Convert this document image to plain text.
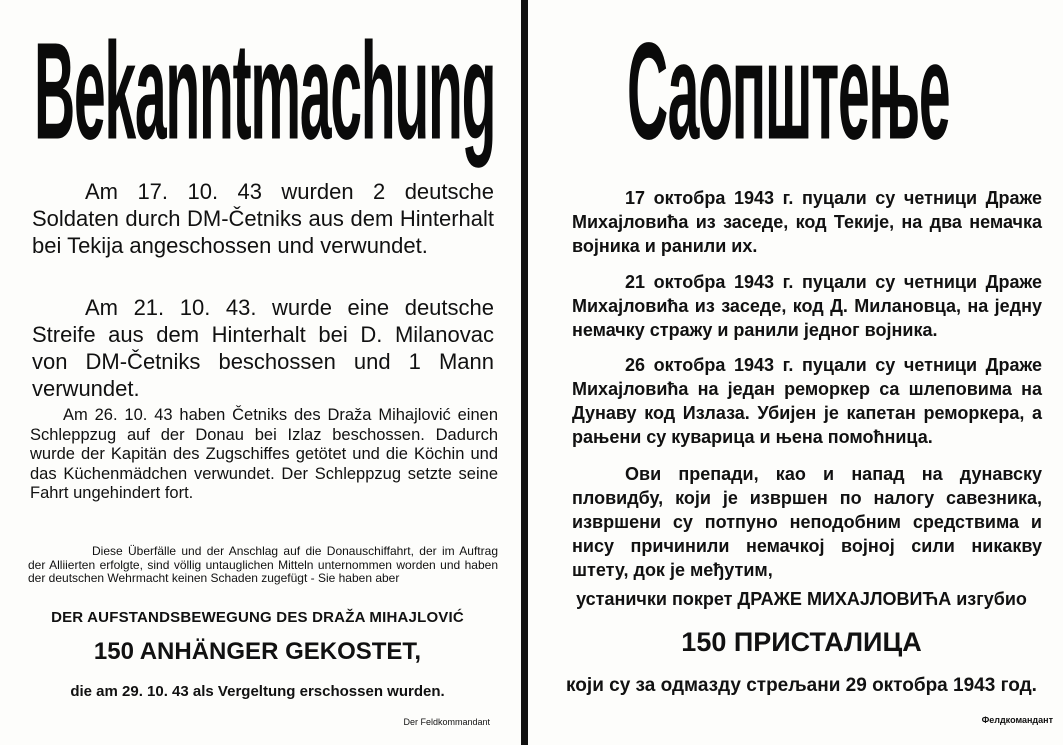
Bekanntmachung

Am 17. 10. 43 wurden 2 deutsche Soldaten durch DM-Četniks aus dem Hinterhalt bei Tekija angeschossen und verwundet.

Am 21. 10. 43. wurde eine deutsche Streife aus dem Hinterhalt bei D. Milanovac von DM-Četniks beschossen und 1 Mann verwundet.

Am 26. 10. 43 haben Četniks des Draža Mihajlović einen Schleppzug auf der Donau bei Izlaz beschossen. Dadurch wurde der Kapitän des Zugschiffes getötet und die Köchin und das Küchenmädchen verwundet. Der Schleppzug setzte seine Fahrt ungehindert fort.

Diese Überfälle und der Anschlag auf die Donauschiffahrt, der im Auftrag der Alliierten erfolgte, sind völlig untauglichen Mitteln unternommen worden und haben der deutschen Wehrmacht keinen Schaden zugefügt - Sie haben aber

DER AUFSTANDSBEWEGUNG DES DRAŽA MIHAJLOVIĆ
150 ANHÄNGER GEKOSTET,
die am 29. 10. 43 als Vergeltung erschossen wurden.
Der Feldkommandant
Саопштење

17 октобра 1943 г. пуцали су четници Драже Михајловића из заседе, код Текије, на два немачка војника и ранили их.

21 октобра 1943 г. пуцали су четници Драже Михајловића из заседе, код Д. Милановца, на једну немачку стражу и ранили једног војника.

26 октобра 1943 г. пуцали су четници Драже Михајловића на један реморкер са шлеповима на Дунаву код Излаза. Убијен је капетан реморкера, а рањени су куварица и њена помоћница.

Ови препади, као и напад на дунавску пловидбу, који је извршен по налогу савезника, извршени су потпуно неподобним средствима и нису причинили немачкој војној сили никакву штету, док је међутим,

устанички покрет ДРАЖЕ МИХАЈЛОВИЋА изгубио
150 ПРИСТАЛИЦА
који су за одмазду стрељани 29 октобра 1943 год.
Фелдкомандант
